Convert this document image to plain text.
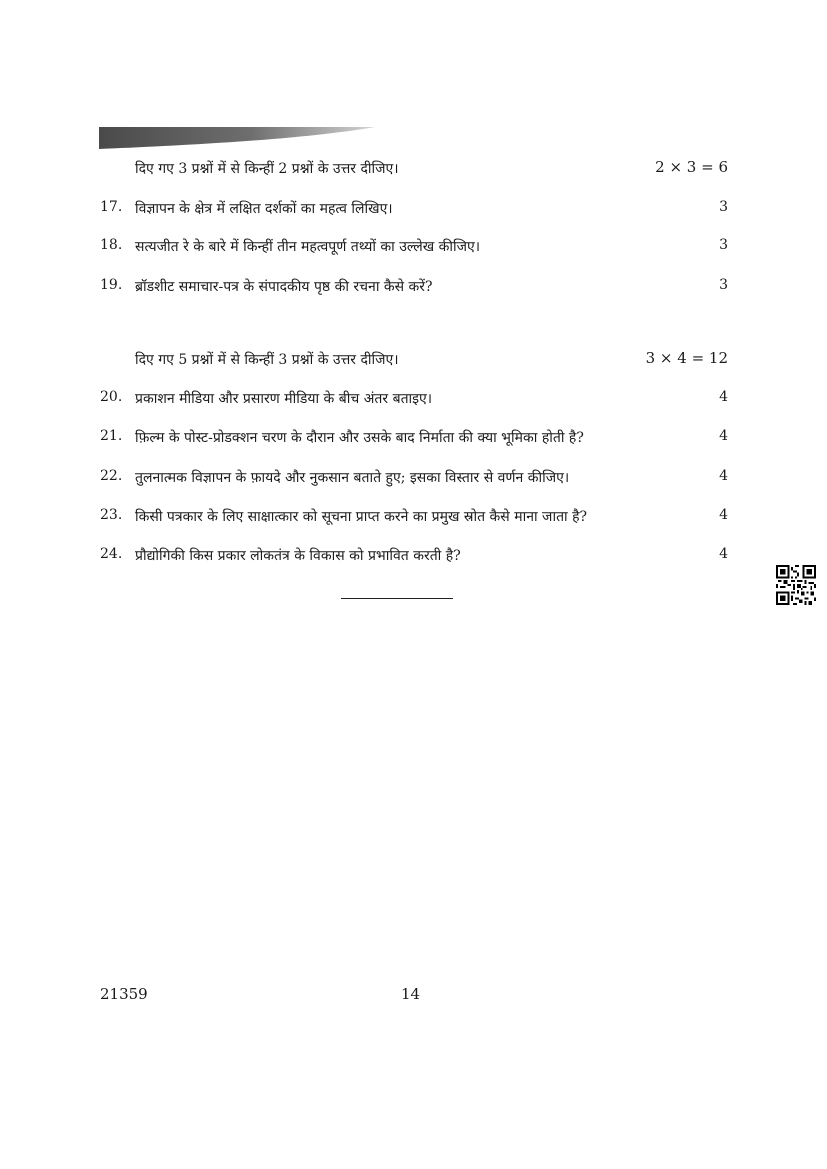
दिए गए 3 प्रश्नों में से किन्हीं 2 प्रश्नों के उत्तर दीजिए।	2 × 3 = 6
17. विज्ञापन के क्षेत्र में लक्षित दर्शकों का महत्व लिखिए।	3
18. सत्यजीत रे के बारे में किन्हीं तीन महत्वपूर्ण तथ्यों का उल्लेख कीजिए।	3
19. ब्रॉडशीट समाचार-पत्र के संपादकीय पृष्ठ की रचना कैसे करें?	3
दिए गए 5 प्रश्नों में से किन्हीं 3 प्रश्नों के उत्तर दीजिए।	3 × 4 = 12
20. प्रकाशन मीडिया और प्रसारण मीडिया के बीच अंतर बताइए।	4
21. फ़िल्म के पोस्ट-प्रोडक्शन चरण के दौरान और उसके बाद निर्माता की क्या भूमिका होती है?	4
22. तुलनात्मक विज्ञापन के फ़ायदे और नुकसान बताते हुए; इसका विस्तार से वर्णन कीजिए।	4
23. किसी पत्रकार के लिए साक्षात्कार को सूचना प्राप्त करने का प्रमुख स्रोत कैसे माना जाता है?	4
24. प्रौद्योगिकी किस प्रकार लोकतंत्र के विकास को प्रभावित करती है?	4
21359	14
